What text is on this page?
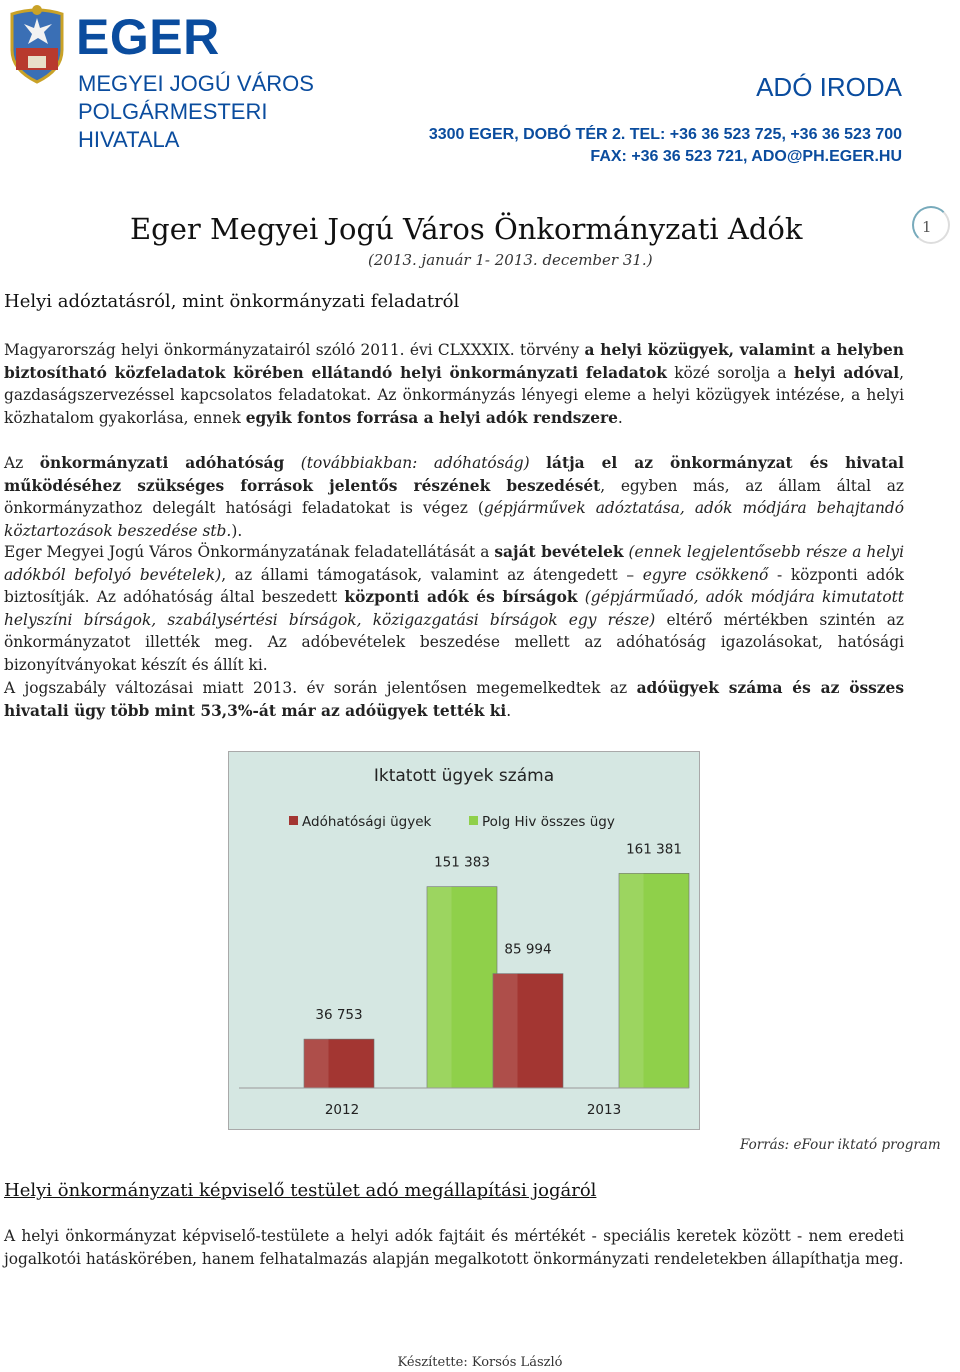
EGER
MEGYEI JOGÚ VÁROS
POLGÁRMESTERI
HIVATALA
ADÓ IRODA
3300 EGER, DOBÓ TÉR 2. TEL: +36 36 523 725, +36 36 523 700
FAX: +36 36 523 721, ADO@PH.EGER.HU
1
Eger Megyei Jogú Város Önkormányzati Adók
(2013. január 1- 2013. december 31.)
Helyi adóztatásról, mint önkormányzati feladatról
Magyarország helyi önkormányzatairól szóló 2011. évi CLXXXIX. törvény a helyi közügyek, valamint a helyben biztosítható közfeladatok körében ellátandó helyi önkormányzati feladatok közé sorolja a helyi adóval, gazdaságszervezéssel kapcsolatos feladatokat. Az önkormányzás lényegi eleme a helyi közügyek intézése, a helyi közhatalom gyakorlása, ennek egyik fontos forrása a helyi adók rendszere.
Az önkormányzati adóhatóság (továbbiakban: adóhatóság) látja el az önkormányzat és hivatal működéséhez szükséges források jelentős részének beszedését, egyben más, az állam által az önkormányzathoz delegált hatósági feladatokat is végez (gépjárművek adóztatása, adók módjára behajtandó köztartozások beszedése stb.).
Eger Megyei Jogú Város Önkormányzatának feladatellátását a saját bevételek (ennek legjelentősebb része a helyi adókból befolyó bevételek), az állami támogatások, valamint az átengedett – egyre csökkenő - központi adók biztosítják. Az adóhatóság által beszedett központi adók és bírságok (gépjárműadó, adók módjára kimutatott helyszíni bírságok, szabálysértési bírságok, közigazgatási bírságok egy része) eltérő mértékben szintén az önkormányzatot illették meg. Az adóbevételek beszedése mellett az adóhatóság igazolásokat, hatósági bizonyítványokat készít és állít ki.
A jogszabály változásai miatt 2013. év során jelentősen megemelkedtek az adóügyek száma és az összes hivatali ügy több mint 53,3%-át már az adóügyek tették ki.
Iktatott ügyek száma
Adóhatósági ügyek	Polg Hiv összes ügy
36 753
151 383
2012
85 994
161 381
2013
Forrás: eFour iktató program
Helyi önkormányzati képviselő testület adó megállapítási jogáról
A helyi önkormányzat képviselő-testülete a helyi adók fajtáit és mértékét - speciális keretek között - nem eredeti jogalkotói hatáskörében, hanem felhatalmazás alapján megalkotott önkormányzati rendeletekben állapíthatja meg.
Készítette: Korsós László
